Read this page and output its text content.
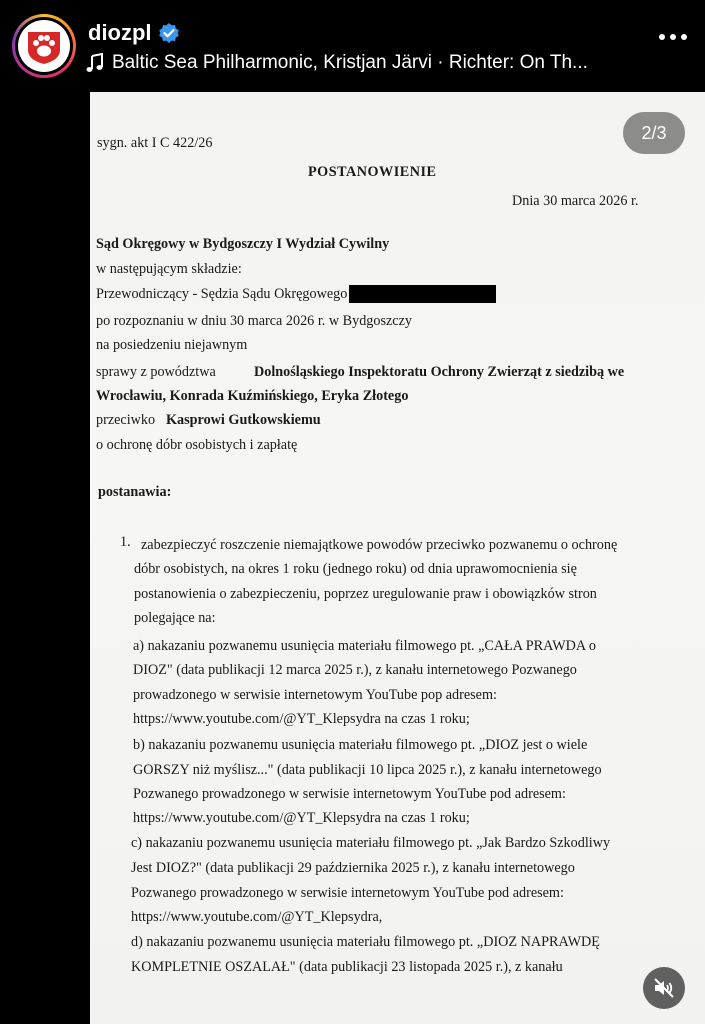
diozpl
Baltic Sea Philharmonic, Kristjan Järvi · Richter: On Th...
sygn. akt I C 422/26
POSTANOWIENIE
Dnia 30 marca 2026 r.
Sąd Okręgowy w Bydgoszczy I Wydział Cywilny
w następującym składzie:
Przewodniczący - Sędzia Sądu Okręgowego
po rozpoznaniu w dniu 30 marca 2026 r. w Bydgoszczy
na posiedzeniu niejawnym
sprawy z powództwa	Dolnośląskiego Inspektoratu Ochrony Zwierząt z siedzibą we
Wrocławiu, Konrada Kuźmińskiego, Eryka Złotego
przeciwko Kasprowi Gutkowskiemu
o ochronę dóbr osobistych i zapłatę
postanawia:
1. zabezpieczyć roszczenie niemajątkowe powodów przeciwko pozwanemu o ochronę
dóbr osobistych, na okres 1 roku (jednego roku) od dnia uprawomocnienia się
postanowienia o zabezpieczeniu, poprzez uregulowanie praw i obowiązków stron
polegające na:
a) nakazaniu pozwanemu usunięcia materiału filmowego pt. „CAŁA PRAWDA o
DIOZ" (data publikacji 12 marca 2025 r.), z kanału internetowego Pozwanego
prowadzonego w serwisie internetowym YouTube pop adresem:
https://www.youtube.com/@YT_Klepsydra na czas 1 roku;
b) nakazaniu pozwanemu usunięcia materiału filmowego pt. „DIOZ jest o wiele
GORSZY niż myślisz..." (data publikacji 10 lipca 2025 r.), z kanału internetowego
Pozwanego prowadzonego w serwisie internetowym YouTube pod adresem:
https://www.youtube.com/@YT_Klepsydra na czas 1 roku;
c) nakazaniu pozwanemu usunięcia materiału filmowego pt. „Jak Bardzo Szkodliwy
Jest DIOZ?" (data publikacji 29 października 2025 r.), z kanału internetowego
Pozwanego prowadzonego w serwisie internetowym YouTube pod adresem:
https://www.youtube.com/@YT_Klepsydra,
d) nakazaniu pozwanemu usunięcia materiału filmowego pt. „DIOZ NAPRAWDĘ
KOMPLETNIE OSZALAŁ" (data publikacji 23 listopada 2025 r.), z kanału
2/3
